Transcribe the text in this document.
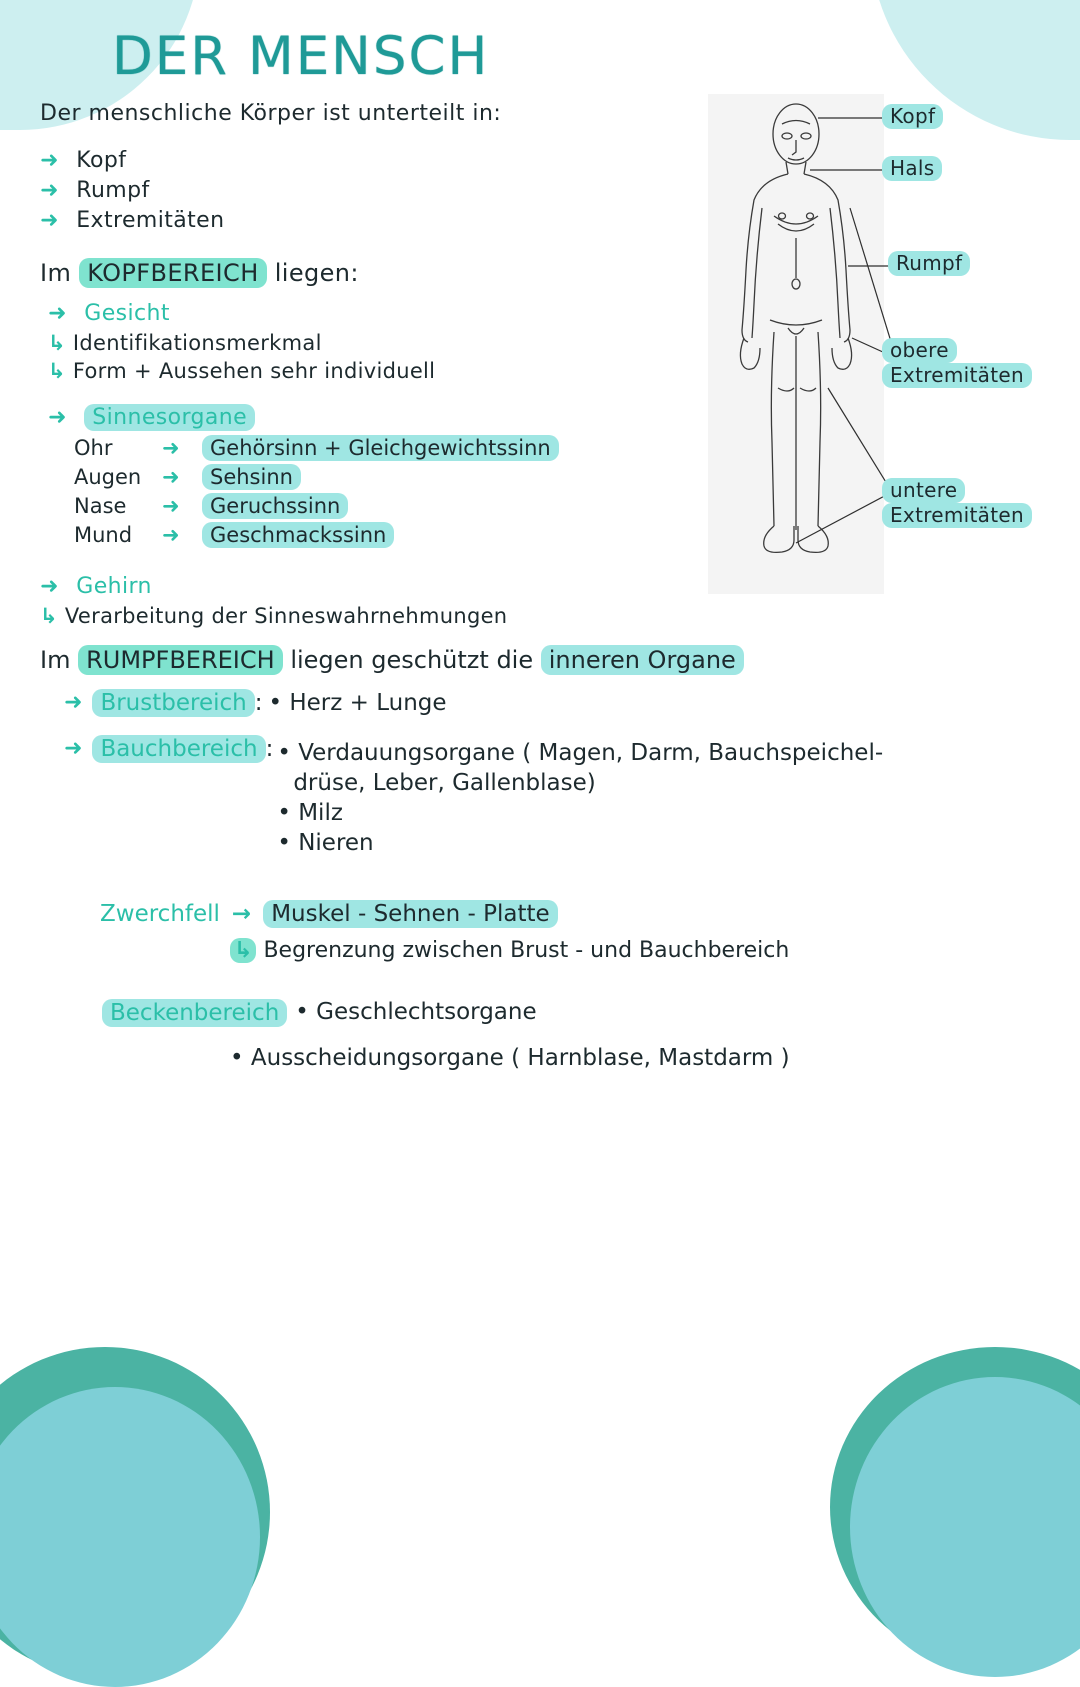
Kopf
Hals
Rumpf
obere
Extremitäten
untere
Extremitäten
DER MENSCH
Der menschliche Körper ist unterteilt in:
➜ Kopf
➜ Rumpf
➜ Extremitäten
Im KOPFBEREICH liegen:
➜ Gesicht
↳ Identifikationsmerkmal
↳ Form + Aussehen sehr individuell
➜ Sinnesorgane
Ohr	➜	Gehörsinn + Gleichgewichtssinn
Augen ➜	Sehsinn
Nase	➜	Geruchssinn
Mund	➜	Geschmackssinn
➜ Gehirn
↳ Verarbeitung der Sinneswahrnehmungen
Im RUMPFBEREICH liegen geschützt die inneren Organe
➜ Brustbereich : • Herz + Lunge
➜ Bauchbereich : • Verdauungsorgane ( Magen, Darm, Bauchspeichel-
drüse, Leber, Gallenblase)
• Milz
• Nieren
Zwerchfell → Muskel - Sehnen - Platte
↳ Begrenzung zwischen Brust - und Bauchbereich
Beckenbereich • Geschlechtsorgane
• Ausscheidungsorgane ( Harnblase, Mastdarm )
